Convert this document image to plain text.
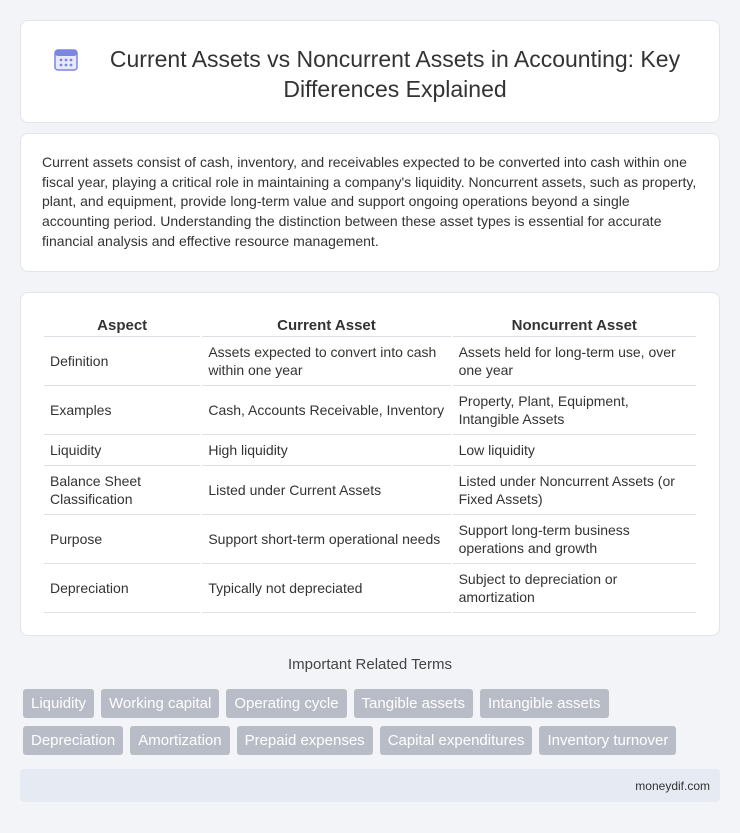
Current Assets vs Noncurrent Assets in Accounting: Key Differences Explained

Current assets consist of cash, inventory, and receivables expected to be converted into cash within one fiscal year, playing a critical role in maintaining a company's liquidity. Noncurrent assets, such as property, plant, and equipment, provide long-term value and support ongoing operations beyond a single accounting period. Understanding the distinction between these asset types is essential for accurate financial analysis and effective resource management.

Aspect	Current Asset	Noncurrent Asset
Definition	Assets expected to convert into cash within one year	Assets held for long-term use, over one year
Examples	Cash, Accounts Receivable, Inventory	Property, Plant, Equipment, Intangible Assets
Liquidity	High liquidity	Low liquidity
Balance Sheet Classification	Listed under Current Assets	Listed under Noncurrent Assets (or Fixed Assets)
Purpose	Support short-term operational needs	Support long-term business operations and growth
Depreciation	Typically not depreciated	Subject to depreciation or amortization
Important Related Terms
Liquidity	Working capital	Operating cycle	Tangible assets	Intangible assets
Depreciation	Amortization	Prepaid expenses	Capital expenditures	Inventory turnover
moneydif.com
